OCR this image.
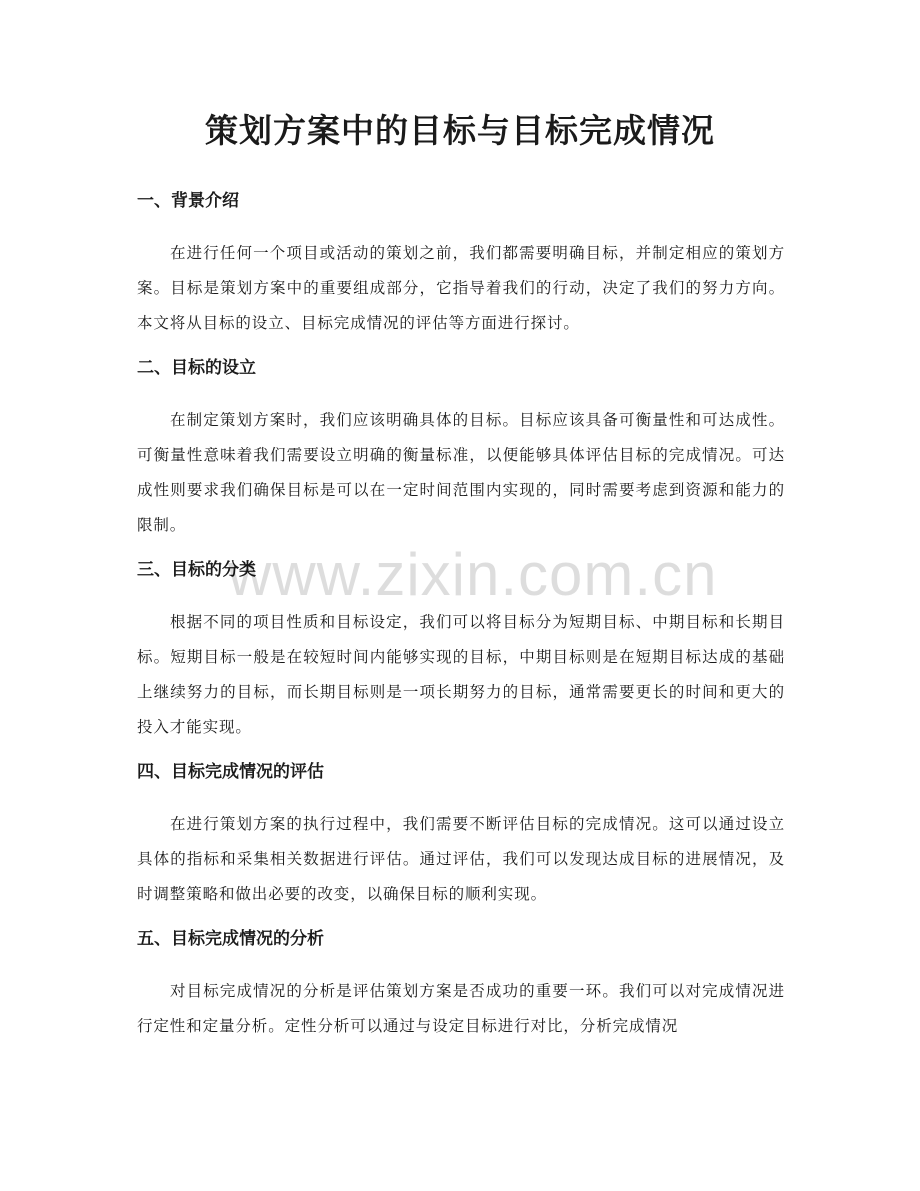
策划方案中的目标与目标完成情况
一、背景介绍

在进行任何一个项目或活动的策划之前，我们都需要明确目标，并制定相应的策划方案。目标是策划方案中的重要组成部分，它指导着我们的行动，决定了我们的努力方向。本文将从目标的设立、目标完成情况的评估等方面进行探讨。

二、目标的设立

在制定策划方案时，我们应该明确具体的目标。目标应该具备可衡量性和可达成性。可衡量性意味着我们需要设立明确的衡量标准，以便能够具体评估目标的完成情况。可达成性则要求我们确保目标是可以在一定时间范围内实现的，同时需要考虑到资源和能力的限制。

三、目标的分类

根据不同的项目性质和目标设定，我们可以将目标分为短期目标、中期目标和长期目标。短期目标一般是在较短时间内能够实现的目标，中期目标则是在短期目标达成的基础上继续努力的目标，而长期目标则是一项长期努力的目标，通常需要更长的时间和更大的投入才能实现。

四、目标完成情况的评估

在进行策划方案的执行过程中，我们需要不断评估目标的完成情况。这可以通过设立具体的指标和采集相关数据进行评估。通过评估，我们可以发现达成目标的进展情况，及时调整策略和做出必要的改变，以确保目标的顺利实现。

五、目标完成情况的分析

对目标完成情况的分析是评估策划方案是否成功的重要一环。我们可以对完成情况进行定性和定量分析。定性分析可以通过与设定目标进行对比，分析完成情况

www.zixin.com.cn
